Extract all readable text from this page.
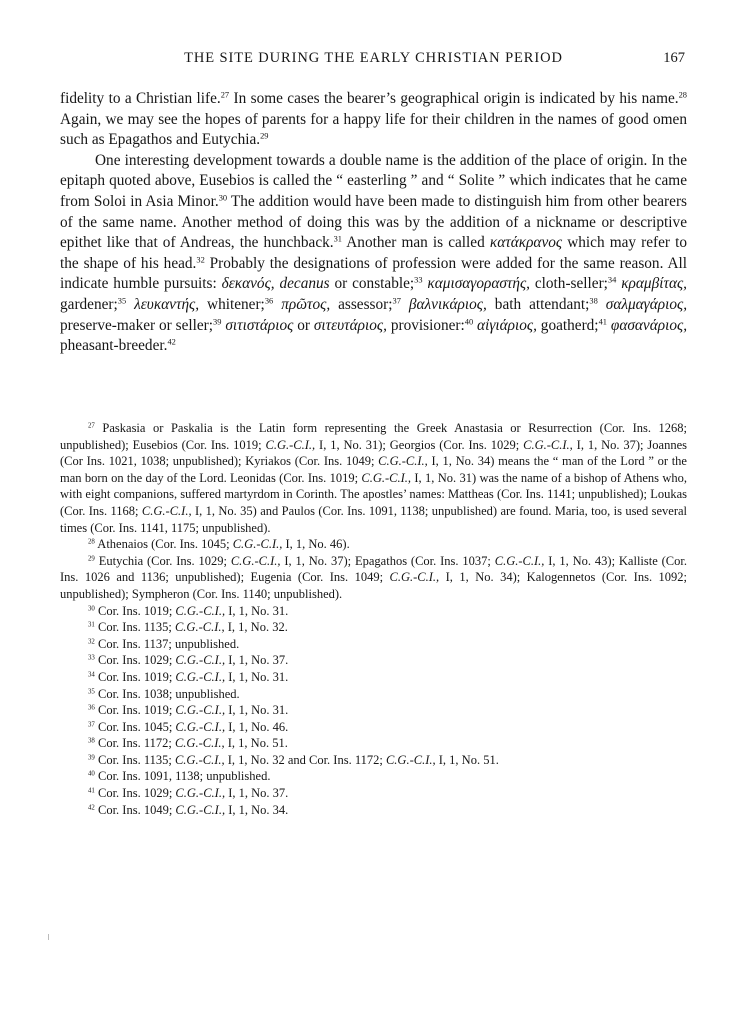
THE SITE DURING THE EARLY CHRISTIAN PERIOD	167

fidelity to a Christian life.$^{27}$ In some cases the bearer’s geographical origin is indicated by his name.$^{28}$ Again, we may see the hopes of parents for a happy life for their children in the names of good omen such as Epagathos and Eutychia.$^{29}$

One interesting development towards a double name is the addition of the place of origin. In the epitaph quoted above, Eusebios is called the “ easterling ” and “ Solite ” which indicates that he came from Soloi in Asia Minor.$^{30}$ The addition would have been made to distinguish him from other bearers of the same name. Another method of doing this was by the addition of a nickname or descriptive epithet like that of Andreas, the hunchback.$^{31}$ Another man is called κατάκρανος which may refer to the shape of his head.$^{32}$ Probably the designations of profession were added for the same reason. All indicate humble pursuits: δεκανός, decanus or constable;$^{33}$ καμισαγοραστής, cloth-seller;$^{34}$ κραμβίτας, gardener;$^{35}$ λευκαντής, whitener;$^{36}$ πρῶτος, assessor;$^{37}$ βαλνικάριος, bath attendant;$^{38}$ σαλμαγάριος, preserve-maker or seller;$^{39}$ σιτιστάριος or σιτευτάριος, provisioner:$^{40}$ αἰγιάριος, goatherd;$^{41}$ φασανάριος, pheasant-breeder.$^{42}$

$^{27}$ Paskasia or Paskalia is the Latin form representing the Greek Anastasia or Resurrection (Cor. Ins. 1268; unpublished); Eusebios (Cor. Ins. 1019; C.G.-C.I., I, 1, No. 31); Georgios (Cor. Ins. 1029; C.G.-C.I., I, 1, No. 37); Joannes (Cor Ins. 1021, 1038; unpublished); Kyriakos (Cor. Ins. 1049; C.G.-C.I., I, 1, No. 34) means the “ man of the Lord ” or the man born on the day of the Lord. Leonidas (Cor. Ins. 1019; C.G.-C.I., I, 1, No. 31) was the name of a bishop of Athens who, with eight companions, suffered martyrdom in Corinth. The apostles’ names: Mattheas (Cor. Ins. 1141; unpublished); Loukas (Cor. Ins. 1168; C.G.-C.I., I, 1, No. 35) and Paulos (Cor. Ins. 1091, 1138; unpublished) are found. Maria, too, is used several times (Cor. Ins. 1141, 1175; unpublished).

$^{28}$ Athenaios (Cor. Ins. 1045; C.G.-C.I., I, 1, No. 46).

$^{29}$ Eutychia (Cor. Ins. 1029; C.G.-C.I., I, 1, No. 37); Epagathos (Cor. Ins. 1037; C.G.-C.I., I, 1, No. 43); Kalliste (Cor. Ins. 1026 and 1136; unpublished); Eugenia (Cor. Ins. 1049; C.G.-C.I., I, 1, No. 34); Kalogennetos (Cor. Ins. 1092; unpublished); Sympheron (Cor. Ins. 1140; unpublished).

$^{30}$ Cor. Ins. 1019; C.G.-C.I., I, 1, No. 31.

$^{31}$ Cor. Ins. 1135; C.G.-C.I., I, 1, No. 32.

$^{32}$ Cor. Ins. 1137; unpublished.

$^{33}$ Cor. Ins. 1029; C.G.-C.I., I, 1, No. 37.

$^{34}$ Cor. Ins. 1019; C.G.-C.I., I, 1, No. 31.

$^{35}$ Cor. Ins. 1038; unpublished.

$^{36}$ Cor. Ins. 1019; C.G.-C.I., I, 1, No. 31.

$^{37}$ Cor. Ins. 1045; C.G.-C.I., I, 1, No. 46.

$^{38}$ Cor. Ins. 1172; C.G.-C.I., I, 1, No. 51.

$^{39}$ Cor. Ins. 1135; C.G.-C.I., I, 1, No. 32 and Cor. Ins. 1172; C.G.-C.I., I, 1, No. 51.

$^{40}$ Cor. Ins. 1091, 1138; unpublished.

$^{41}$ Cor. Ins. 1029; C.G.-C.I., I, 1, No. 37.

$^{42}$ Cor. Ins. 1049; C.G.-C.I., I, 1, No. 34.
